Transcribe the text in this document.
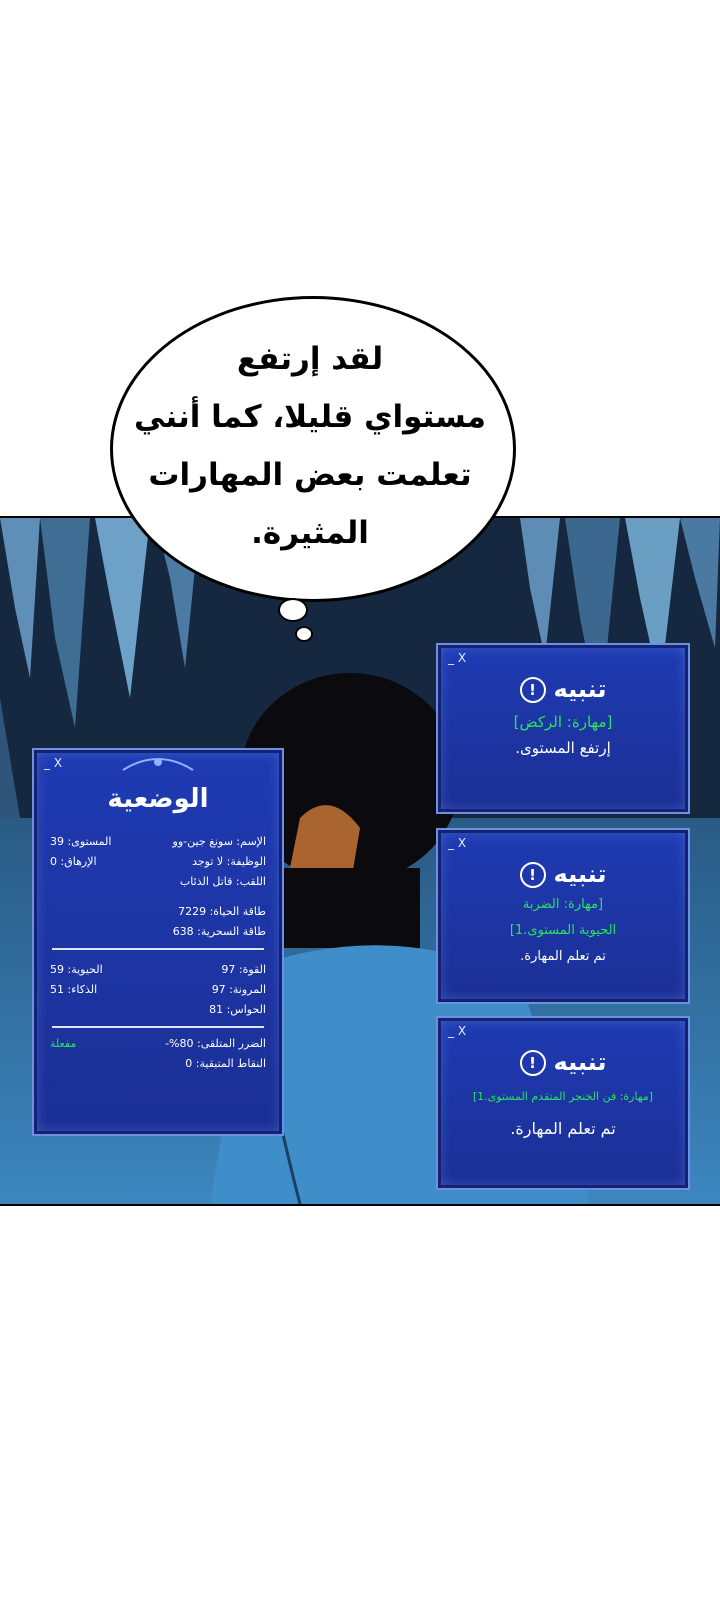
لقد إرتفع
مستواي قليلا، كما أنني
تعلمت بعض المهارات
المثيرة.
_ X
الوضعية
الإسم: سونغ جين-وو
المستوى: 39
الوظيفة: لا توجد
الإرهاق: 0
اللقب: قاتل الذئاب
طاقة الحياة: 7229
طاقة السحرية: 638
القوة: 97
الحيوية: 59
المرونة: 97
الذكاء: 51
الحواس: 81
الضرر المتلقى: 80%-
مفعلة
النقاط المتبقية: 0
_ X
تنبيه!
[مهارة: الركض]
إرتفع المستوى.
_ X
تنبيه!
[مهارة: الضربة
الحيوية المستوى.1]
تم تعلم المهارة.
_ X
تنبيه!
[مهارة: فن الخنجر المتقدم المستوى.1]
تم تعلم المهارة.
